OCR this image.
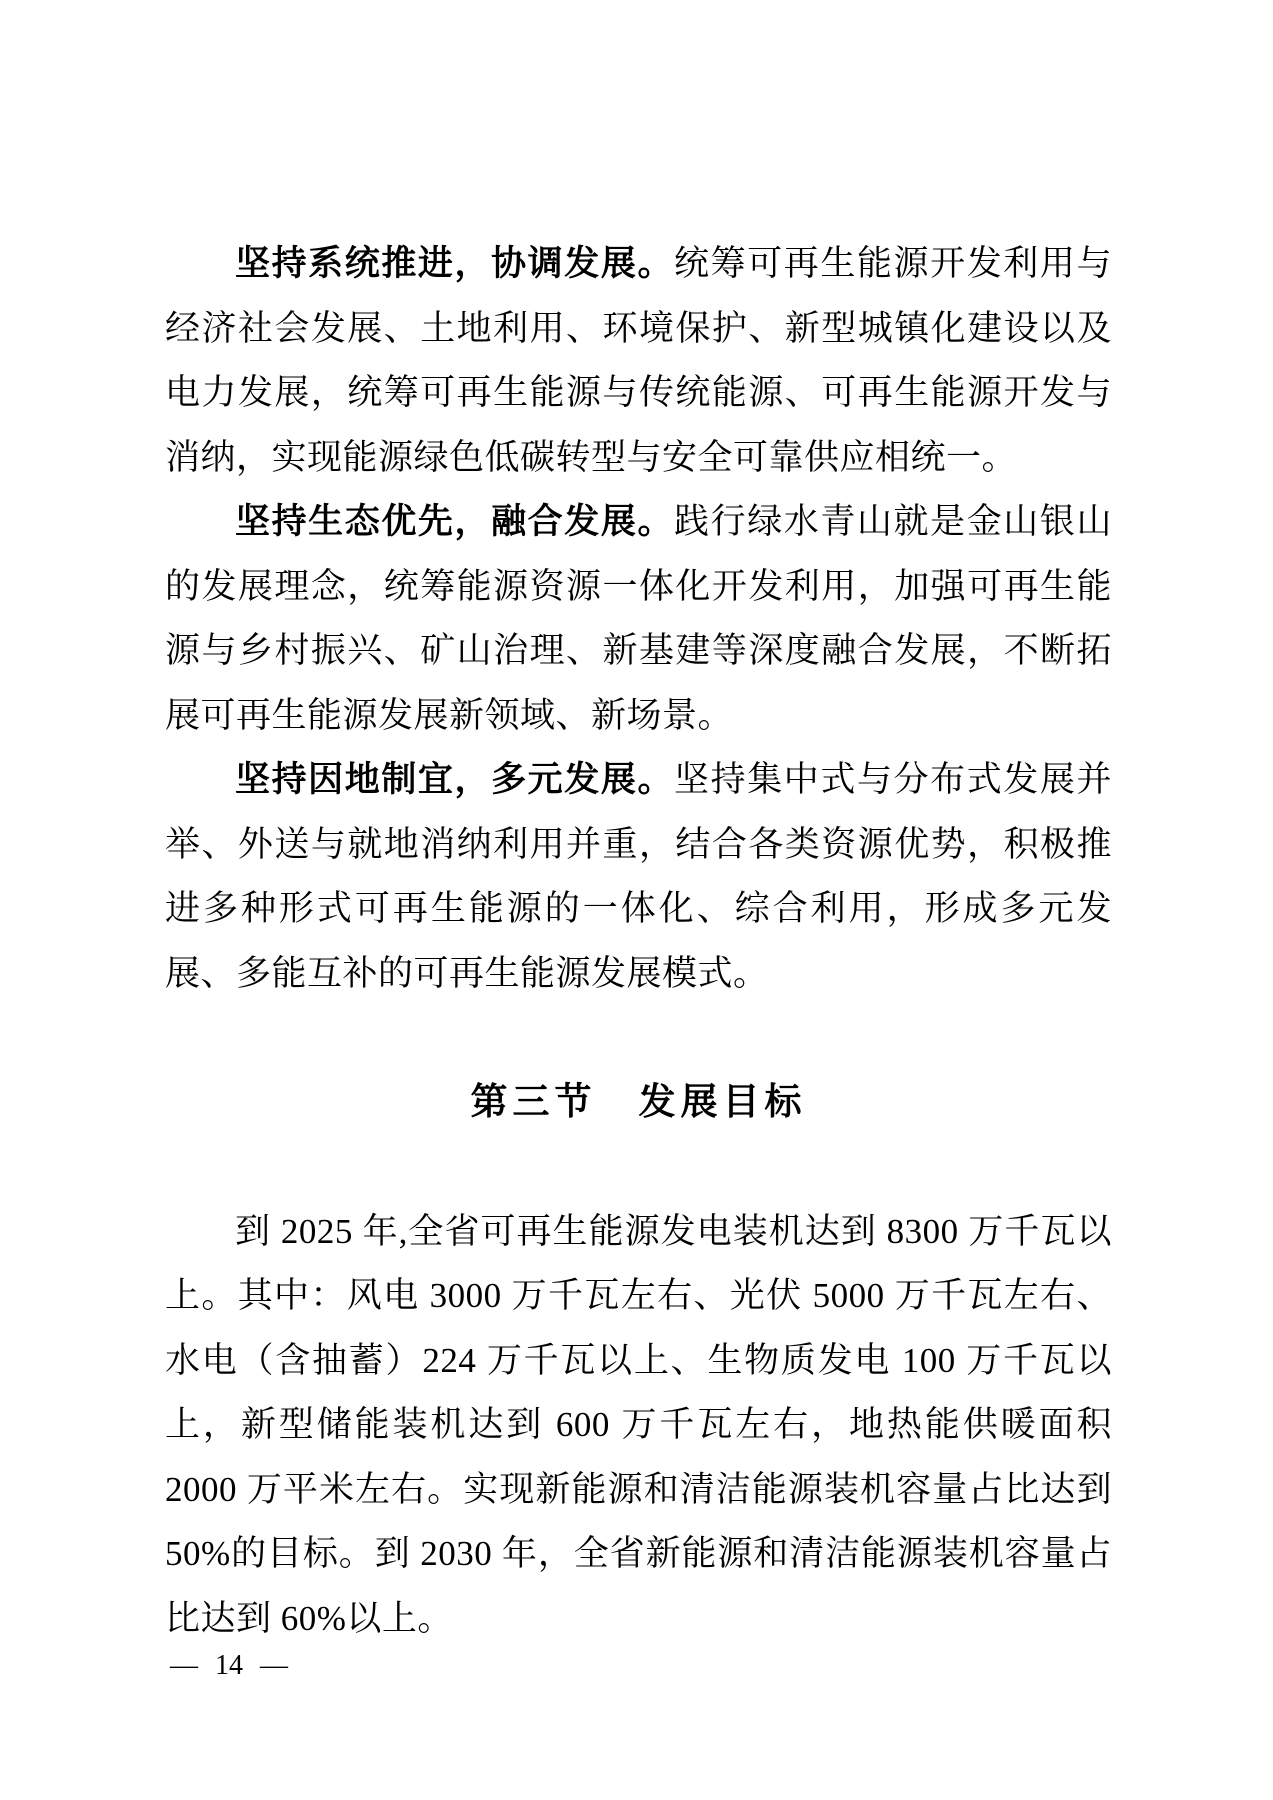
坚持系统推进，协调发展。统筹可再生能源开发利用与经济社会发展、土地利用、环境保护、新型城镇化建设以及电力发展，统筹可再生能源与传统能源、可再生能源开发与消纳，实现能源绿色低碳转型与安全可靠供应相统一。

坚持生态优先，融合发展。践行绿水青山就是金山银山的发展理念，统筹能源资源一体化开发利用，加强可再生能源与乡村振兴、矿山治理、新基建等深度融合发展，不断拓展可再生能源发展新领域、新场景。

坚持因地制宜，多元发展。坚持集中式与分布式发展并举、外送与就地消纳利用并重，结合各类资源优势，积极推进多种形式可再生能源的一体化、综合利用，形成多元发展、多能互补的可再生能源发展模式。

第三节　发展目标

到 2025 年,全省可再生能源发电装机达到 8300 万千瓦以上。其中：风电 3000 万千瓦左右、光伏 5000 万千瓦左右、水电（含抽蓄）224 万千瓦以上、生物质发电 100 万千瓦以上，新型储能装机达到 600 万千瓦左右，地热能供暖面积 2000 万平米左右。实现新能源和清洁能源装机容量占比达到 50%的目标。到 2030 年，全省新能源和清洁能源装机容量占比达到 60%以上。

— 14 —
